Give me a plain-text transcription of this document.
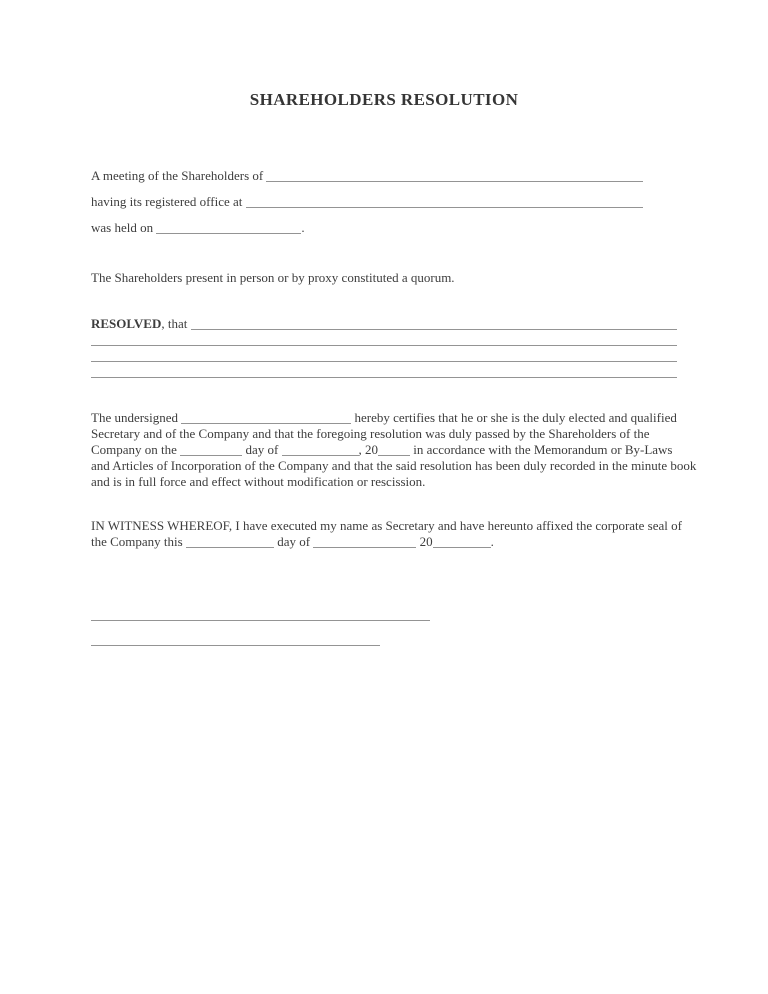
SHAREHOLDERS RESOLUTION
​ A meeting of the Shareholders of
​ having its registered office at
​ was held on	.
​ The Shareholders present in person or by proxy constituted a quorum.
​ RESOLVED , that
​
​
​
​ The undersigned	hereby certifies that he or she is the duly elected and qualified
​ Secretary and of the Company and that the foregoing resolution was duly passed by the Shareholders of the
​ Company on the	day of	, 20 in accordance with the Memorandum or By-Laws
​ and Articles of Incorporation of the Company and that the said resolution has been duly recorded in the minute book
​ and is in full force and effect without modification or rescission.
​ IN WITNESS WHEREOF, I have executed my name as Secretary and have hereunto affixed the corporate seal of
​ the Company this	day of	20	.
​
​
